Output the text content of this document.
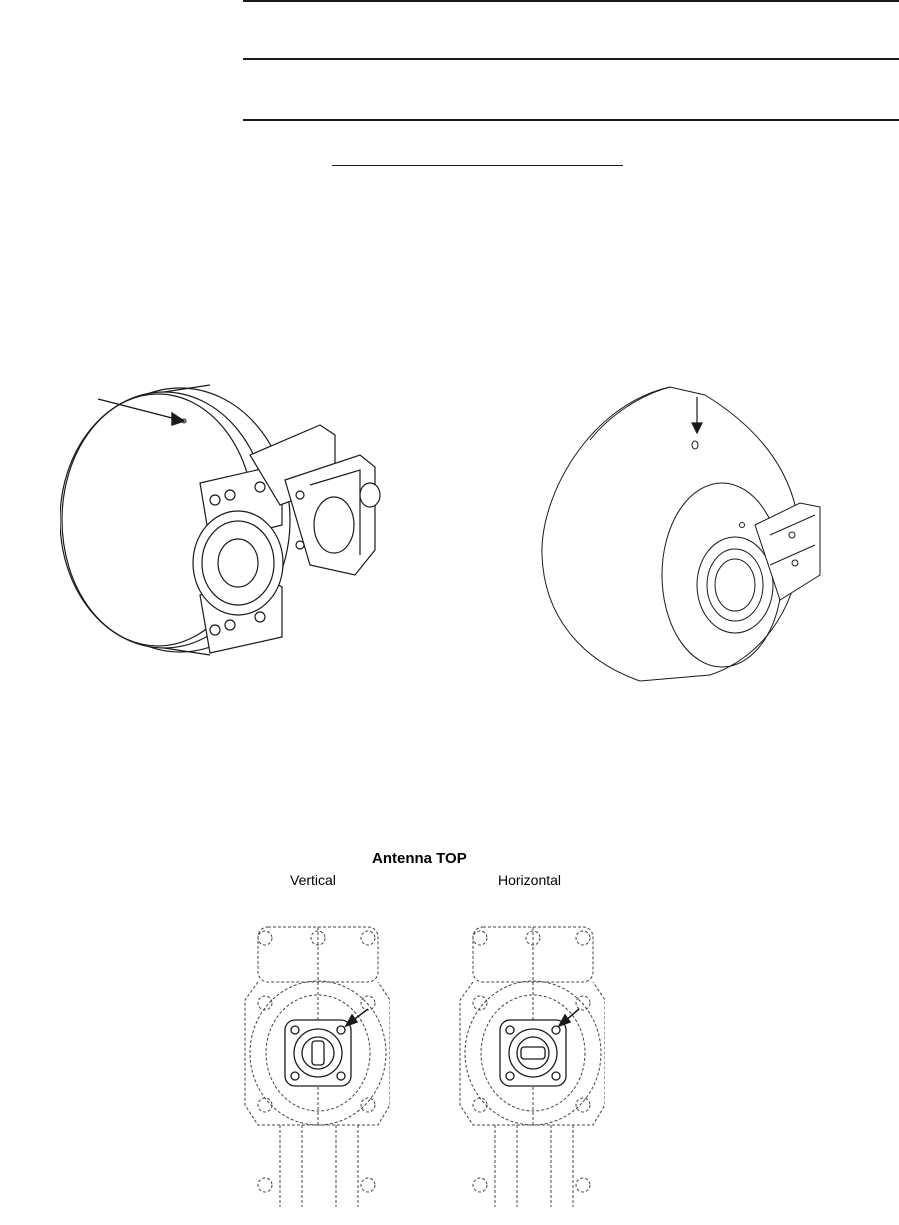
Antenna TOP
Vertical	Horizontal
